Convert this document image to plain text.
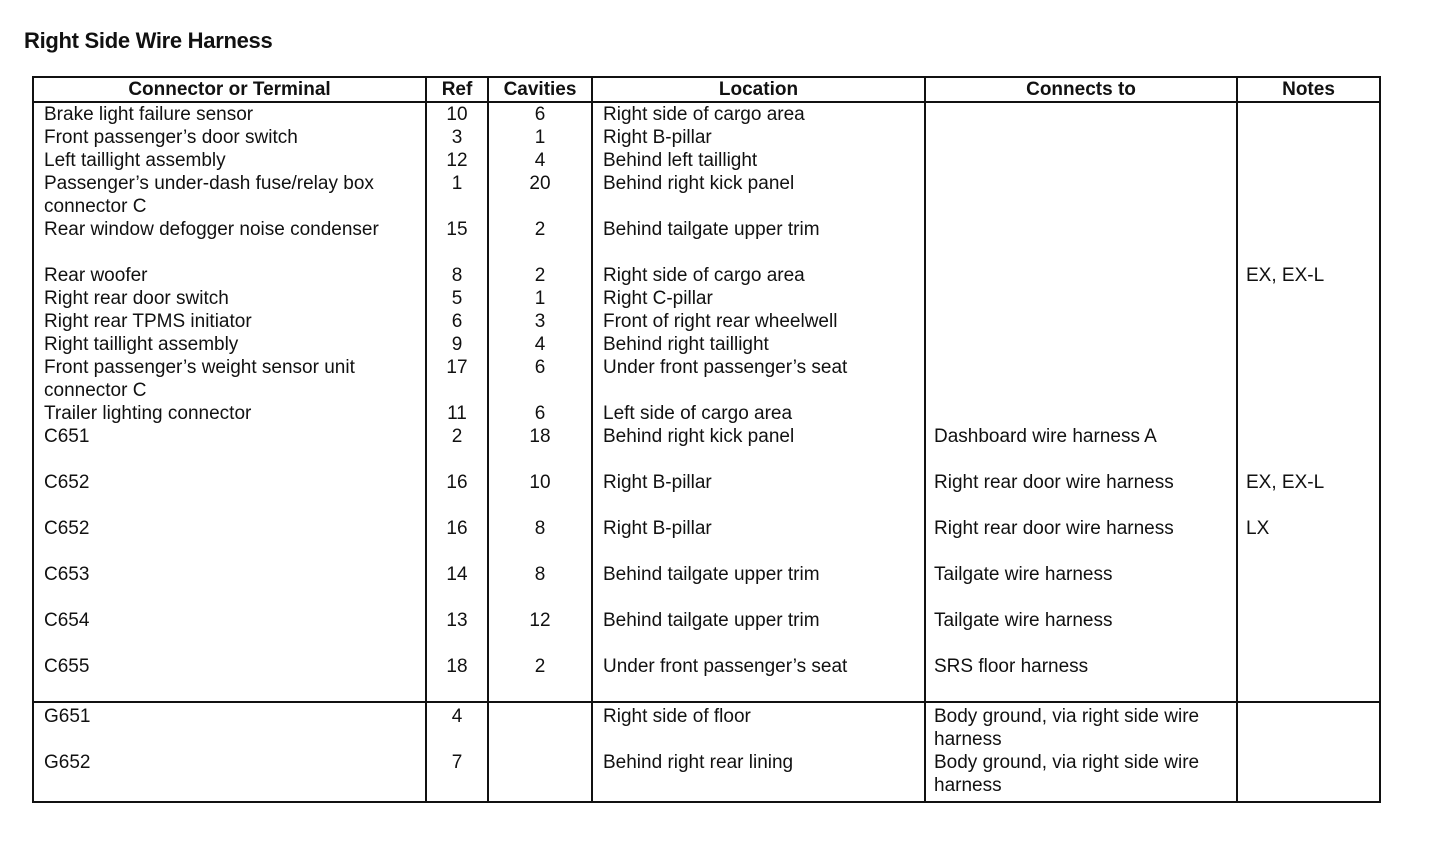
Right Side Wire Harness
Connector or Terminal	Ref	Cavities	Location	Connects to	Notes
Brake light failure sensor	10	6	Right side of cargo area		
Front passenger’s door switch	3	1	Right B-pillar		
Left taillight assembly	12	4	Behind left taillight		
Passenger’s under-dash fuse/relay box connector C	1	20	Behind right kick panel		
Rear window defogger noise condenser	15	2	Behind tailgate upper trim		
Rear woofer	8	2	Right side of cargo area		EX, EX-L
Right rear door switch	5	1	Right C-pillar		
Right rear TPMS initiator	6	3	Front of right rear wheelwell		
Right taillight assembly	9	4	Behind right taillight		
Front passenger’s weight sensor unit connector C	17	6	Under front passenger’s seat		
Trailer lighting connector	11	6	Left side of cargo area		
C651	2	18	Behind right kick panel	Dashboard wire harness A	
C652	16	10	Right B-pillar	Right rear door wire harness	EX, EX-L
C652	16	8	Right B-pillar	Right rear door wire harness	LX
C653	14	8	Behind tailgate upper trim	Tailgate wire harness	
C654	13	12	Behind tailgate upper trim	Tailgate wire harness	
C655	18	2	Under front passenger’s seat	SRS floor harness	
G651	4		Right side of floor	Body ground, via right side wire harness	
G652	7		Behind right rear lining	Body ground, via right side wire harness	
